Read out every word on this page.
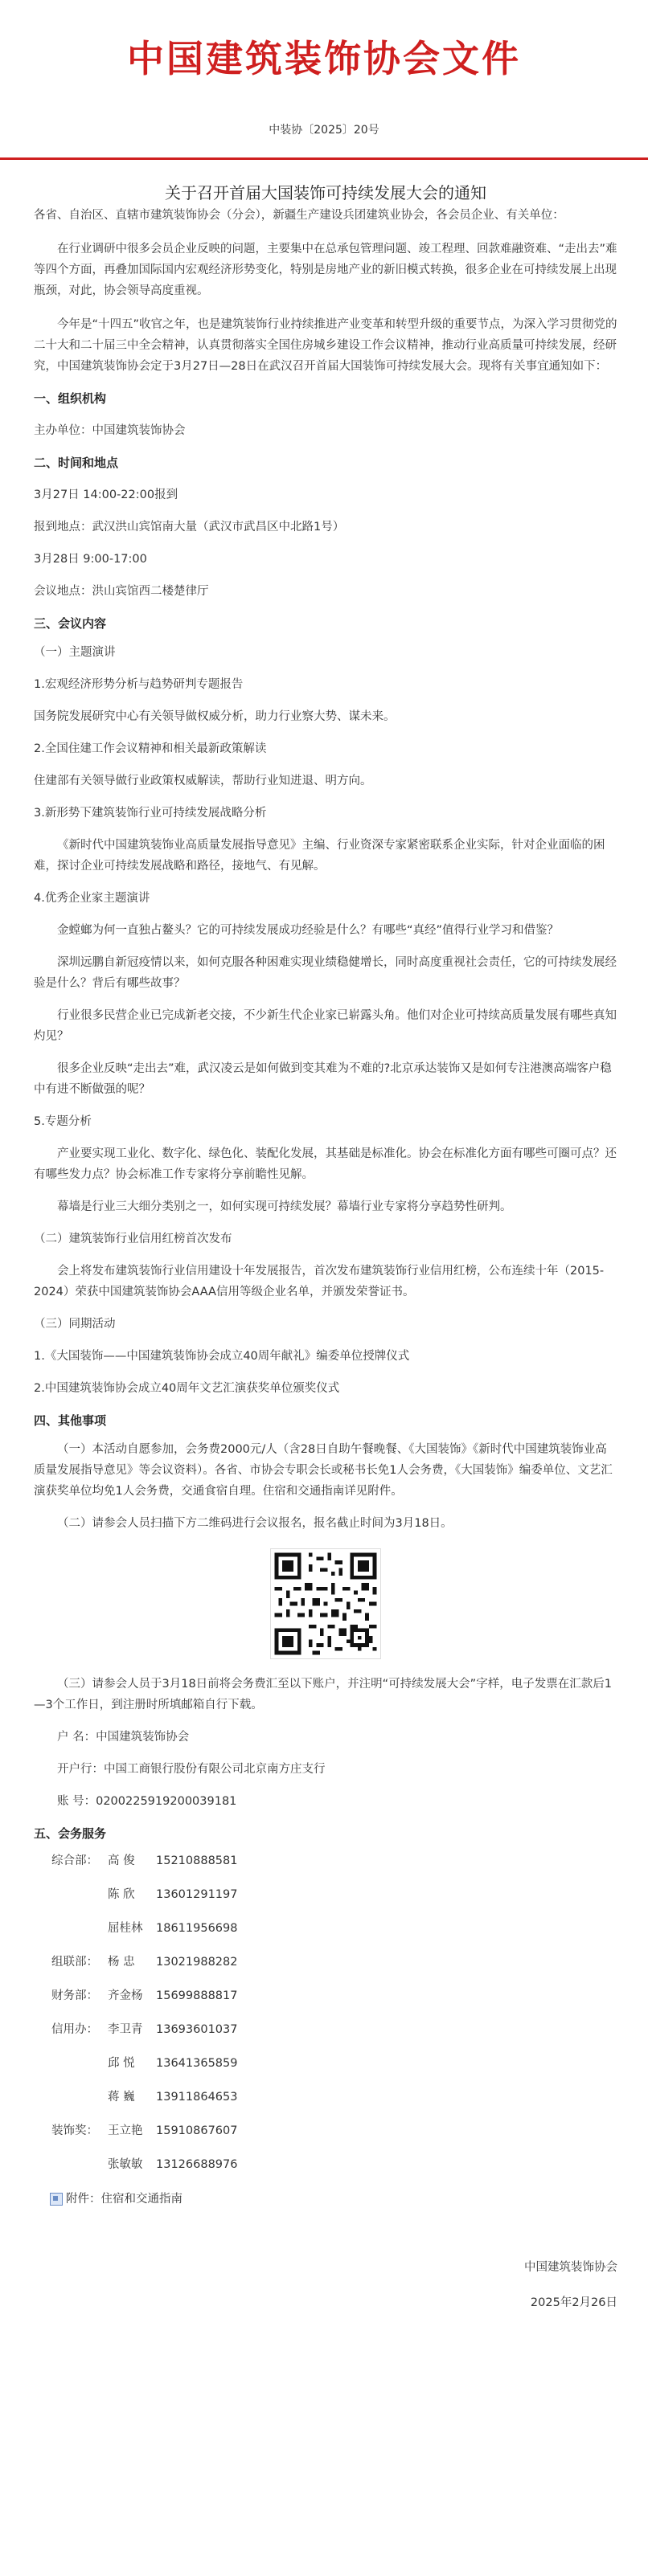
中国建筑装饰协会文件
中装协〔2025〕20号
关于召开首届大国装饰可持续发展大会的通知

各省、自治区、直辖市建筑装饰协会（分会），新疆生产建设兵团建筑业协会，各会员企业、有关单位：

在行业调研中很多会员企业反映的问题，主要集中在总承包管理问题、竣工程理、回款难融资难、“走出去”难等四个方面，再叠加国际国内宏观经济形势变化，特别是房地产业的新旧模式转换，很多企业在可持续发展上出现瓶颈，对此，协会领导高度重视。

今年是“十四五”收官之年，也是建筑装饰行业持续推进产业变革和转型升级的重要节点，为深入学习贯彻党的二十大和二十届三中全会精神，认真贯彻落实全国住房城乡建设工作会议精神，推动行业高质量可持续发展，经研究，中国建筑装饰协会定于3月27日—28日在武汉召开首届大国装饰可持续发展大会。现将有关事宜通知如下：

一、组织机构

主办单位：中国建筑装饰协会

二、时间和地点

3月27日 14:00-22:00报到

报到地点：武汉洪山宾馆南大量（武汉市武昌区中北路1号）

3月28日 9:00-17:00

会议地点：洪山宾馆西二楼楚律厅

三、会议内容

（一）主题演讲

1.宏观经济形势分析与趋势研判专题报告

国务院发展研究中心有关领导做权威分析，助力行业察大势、谋未来。

2.全国住建工作会议精神和相关最新政策解读

住建部有关领导做行业政策权威解读，帮助行业知进退、明方向。

3.新形势下建筑装饰行业可持续发展战略分析

《新时代中国建筑装饰业高质量发展指导意见》主编、行业资深专家紧密联系企业实际，针对企业面临的困难，探讨企业可持续发展战略和路径，接地气、有见解。

4.优秀企业家主题演讲

金螳螂为何一直独占鳌头？它的可持续发展成功经验是什么？有哪些“真经”值得行业学习和借鉴？

深圳远鹏自新冠疫情以来，如何克服各种困难实现业绩稳健增长，同时高度重视社会责任，它的可持续发展经验是什么？背后有哪些故事？

行业很多民营企业已完成新老交接，不少新生代企业家已崭露头角。他们对企业可持续高质量发展有哪些真知灼见？

很多企业反映“走出去”难，武汉凌云是如何做到变其难为不难的?北京承达装饰又是如何专注港澳高端客户稳中有进不断做强的呢？

5.专题分析

产业要实现工业化、数字化、绿色化、装配化发展，其基础是标准化。协会在标准化方面有哪些可圈可点？还有哪些发力点？协会标准工作专家将分享前瞻性见解。

幕墙是行业三大细分类别之一，如何实现可持续发展？幕墙行业专家将分享趋势性研判。

（二）建筑装饰行业信用红榜首次发布

会上将发布建筑装饰行业信用建设十年发展报告，首次发布建筑装饰行业信用红榜，公布连续十年（2015-2024）荣获中国建筑装饰协会AAA信用等级企业名单，并颁发荣誉证书。

（三）同期活动

1.《大国装饰——中国建筑装饰协会成立40周年献礼》编委单位授牌仪式

2.中国建筑装饰协会成立40周年文艺汇演获奖单位颁奖仪式

四、其他事项

（一）本活动自愿参加，会务费2000元/人（含28日自助午餐晚餐、《大国装饰》《新时代中国建筑装饰业高质量发展指导意见》等会议资料）。各省、市协会专职会长或秘书长免1人会务费，《大国装饰》编委单位、文艺汇演获奖单位均免1人会务费，交通食宿自理。住宿和交通指南详见附件。

（二）请参会人员扫描下方二维码进行会议报名，报名截止时间为3月18日。

（三）请参会人员于3月18日前将会务费汇至以下账户，并注明“可持续发展大会”字样，电子发票在汇款后1—3个工作日，到注册时所填邮箱自行下载。

户 名：中国建筑装饰协会

开户行：中国工商银行股份有限公司北京南方庄支行

账 号：0200225919200039181

五、会务服务

综合部： 高 俊	15210888581
陈 欣	13601291197
屈桂林	18611956698
组联部： 杨 忠	13021988282
财务部： 齐金杨	15699888817
信用办： 李卫青	13693601037
邱 悦	13641365859
蒋 巍	13911864653
装饰奖： 王立艳	15910867607
张敏敏	13126688976
附件：住宿和交通指南

中国建筑装饰协会

2025年2月26日
